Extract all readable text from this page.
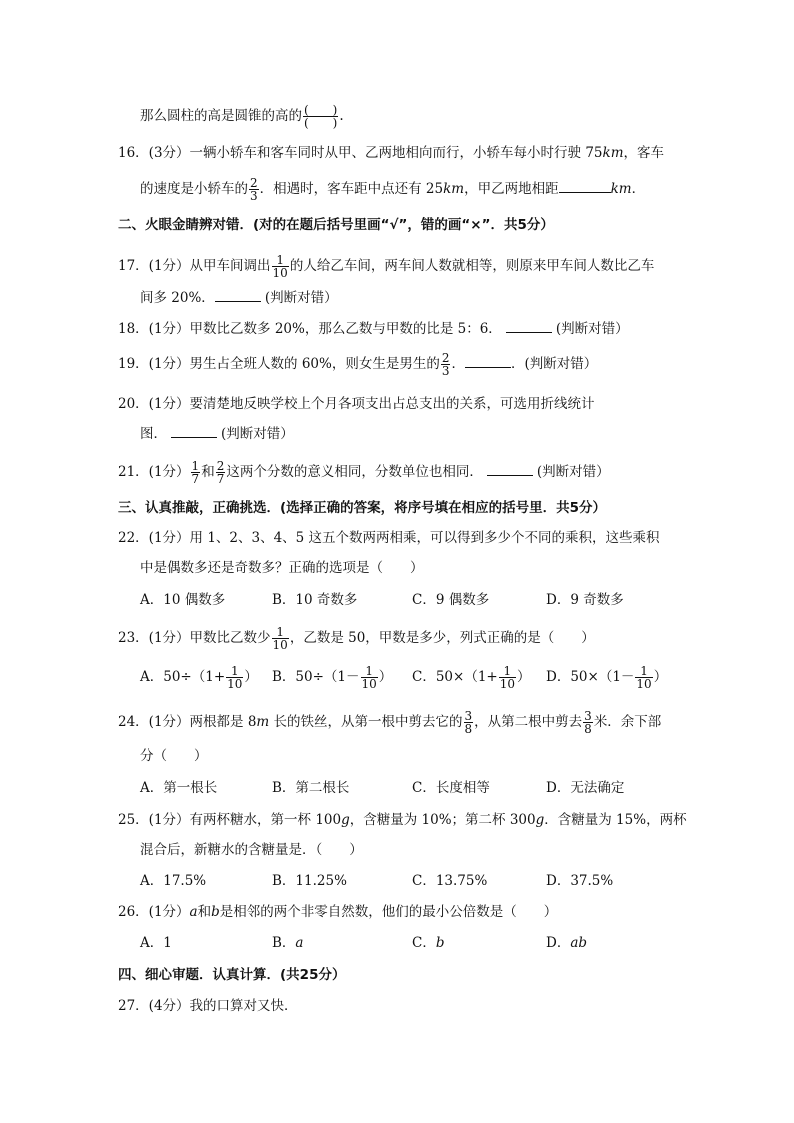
那么圆柱的高是圆锥的高的 $\frac{( )}{( )}$ .
16．(3分）一辆小轿车和客车同时从甲、乙两地相向而行，小轿车每小时行驶 75km，客车
的速度是小轿车的 $\frac{2}{3}$ ．相遇时，客车距中点还有 25km，甲乙两地相距	km．
二、火眼金睛辨对错．(对的在题后括号里画“√”，错的画“×”．共5分）
17．(1分）从甲车间调出 $\frac{1}{10}$ 的人给乙车间，两车间人数就相等，则原来甲车间人数比乙车
间多 20%．	(判断对错）
18．(1分）甲数比乙数多 20%，那么乙数与甲数的比是 5：6．	(判断对错）
19．(1分）男生占全班人数的 60%，则女生是男生的 $\frac{2}{3}$ ．	．(判断对错）
20．(1分）要清楚地反映学校上个月各项支出占总支出的关系，可选用折线统计
图．	(判断对错）
21．(1分） $\frac{1}{7}$ 和 $\frac{2}{7}$ 这两个分数的意义相同，分数单位也相同．	(判断对错）
三、认真推敲，正确挑选．(选择正确的答案，将序号填在相应的括号里．共5分）
22．(1分）用 1、2、3、4、5 这五个数两两相乘，可以得到多少个不同的乘积，这些乘积
中是偶数多还是奇数多？正确的选项是（　　）
A．10 偶数多	B．10 奇数多	C．9 偶数多	D．9 奇数多
23．(1分）甲数比乙数少 $\frac{1}{10}$ ，乙数是 50，甲数是多少，列式正确的是（　　）
A．$50\div(1+ \frac{1}{10}$ ） B．$50\div(1- \frac{1}{10}$ ） C．$50\times(1+ \frac{1}{10}$ ） D．$50\times(1- \frac{1}{10}$ ）
24．(1分）两根都是 8m 长的铁丝，从第一根中剪去它的 $\frac{3}{8}$ ，从第二根中剪去 $\frac{3}{8}$ 米．余下部
分（　　）
A．第一根长	B．第二根长	C．长度相等	D．无法确定
25．(1分）有两杯糖水，第一杯 100g，含糖量为 10%；第二杯 300g．含糖量为 15%，两杯
混合后，新糖水的含糖量是．（　　）
A．17.5%	B．11.25%	C．13.75%	D．37.5%
26．(1分）a和b是相邻的两个非零自然数，他们的最小公倍数是（　　）
A．1	B．a	C．b	D．ab
四、细心审题．认真计算．(共25分）
27．(4分）我的口算对又快．
